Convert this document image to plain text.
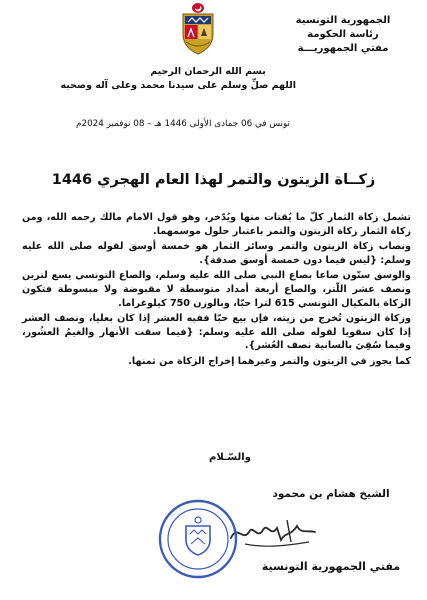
الجمهورية التونسية
رئاسة الحكومة
مفتي الجمهوريـــة
بسم الله الرحمان الرحيم
اللهم صلِّ وسلم على سيدنا محمد وعلى آله وصحبه
تونس في 06 جمادى الأولى 1446 هـ – 08 نوفمبر 2024م
زكــاة الزيتون والتمر لهذا العام الهجري 1446

تشمل زكاة الثمار كلّ ما يُقتات منها ويُدّخر، وهو قول الامام مالك رحمه الله، ومن زكاة الثمار زكاة الزيتون والتمر باعتبار حلول موسمهما.

ونصاب زكاة الزيتون والتمر وسائر الثمار هو خمسة أوسق لقوله صلى الله عليه وسلم: {ليس فيما دون خمسة أوسق صدقة}.

والوسق ستّون صاعا بصاع النبي صلى الله عليه وسلم، والصاع التونسي يسع لترين ونصف عشر اللّتر، والصاع أربعة أمداد متوسطة لا مقبوضة ولا مبسوطة فتكون الزكاة بالمكيال التونسي 615 لترا حبّا، وبالوزن 750 كيلوغراما.

وزكاة الزيتون تُخرج من زيته، فإن بيع حبّا ففيه العشر إذا كان بعليا، ونصف العشر إذا كان سقويا لقوله صلى الله عليه وسلم: {فيما سقت الأنهار والغيمُ العشُور، وفيما سُقِيَ بالسانية نصف العُشر}.

كما يجوز في الزيتون والتمر وغيرهما إخراج الزكاة من ثمنها.

والسّـلام
الشيخ هشام بن محمود
مفتي الجمهورية التونسية
